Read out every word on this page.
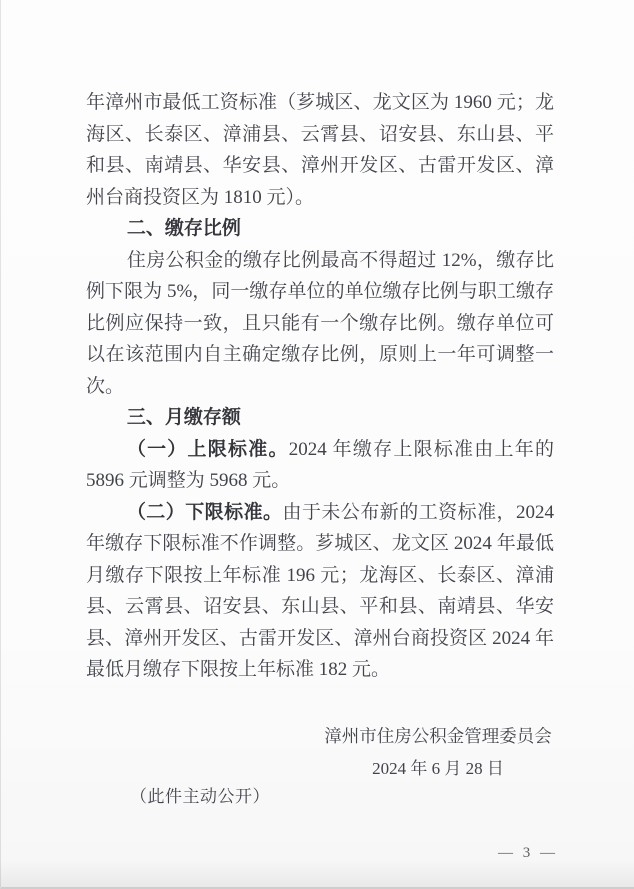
年漳州市最低工资标准（芗城区、龙文区为 1960 元；龙海区、长泰区、漳浦县、云霄县、诏安县、东山县、平和县、南靖县、华安县、漳州开发区、古雷开发区、漳州台商投资区为 1810 元）。

二、缴存比例

住房公积金的缴存比例最高不得超过 12%，缴存比例下限为 5%，同一缴存单位的单位缴存比例与职工缴存比例应保持一致，且只能有一个缴存比例。缴存单位可以在该范围内自主确定缴存比例，原则上一年可调整一次。

三、月缴存额

（一）上限标准。2024 年缴存上限标准由上年的 5896 元调整为 5968 元。

（二）下限标准。由于未公布新的工资标准，2024 年缴存下限标准不作调整。芗城区、龙文区 2024 年最低月缴存下限按上年标准 196 元；龙海区、长泰区、漳浦县、云霄县、诏安县、东山县、平和县、南靖县、华安县、漳州开发区、古雷开发区、漳州台商投资区 2024 年最低月缴存下限按上年标准 182 元。

漳州市住房公积金管理委员会
2024 年 6 月 28 日
（此件主动公开）
— 3 —
